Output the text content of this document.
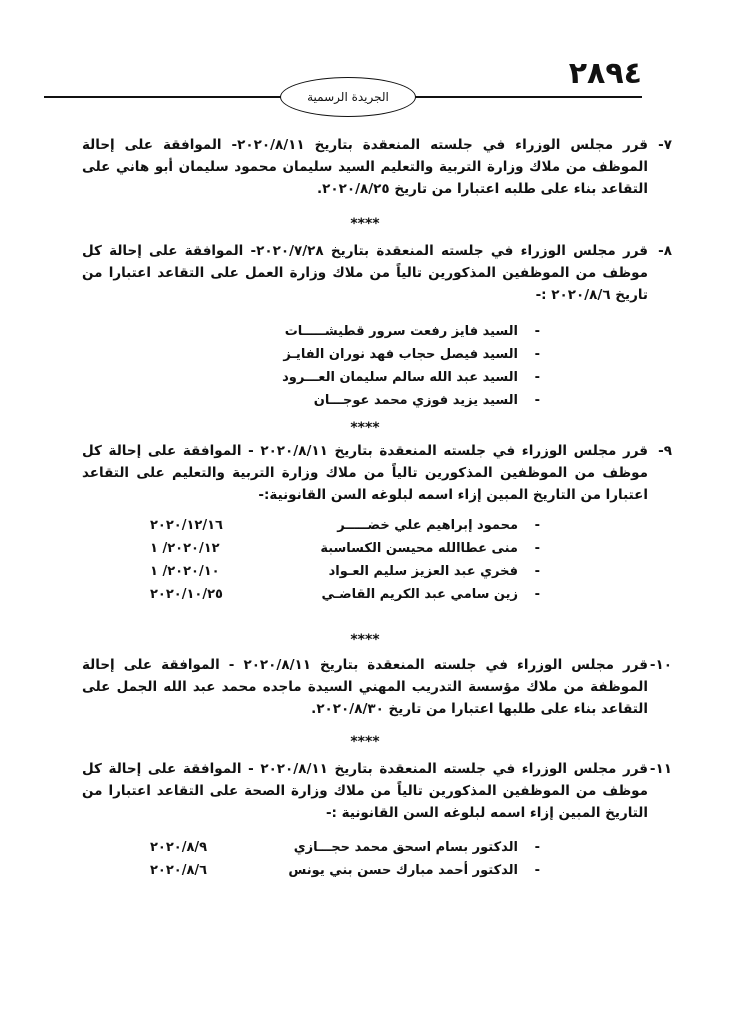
٢٨٩٤
الجريدة الرسمية
٧-

قرر مجلس الوزراء في جلسته المنعقدة بتاريخ ٢٠٢٠/٨/١١- الموافقة على إحالة الموظف من ملاك وزارة التربية والتعليم السيد سليمان محمود سليمان أبو هاني على التقاعد بناء على طلبه اعتبارا من تاريخ ٢٠٢٠/٨/٢٥.

****
٨-

قرر مجلس الوزراء في جلسته المنعقدة بتاريخ ٢٠٢٠/٧/٢٨- الموافقة على إحالة كل موظف من الموظفين المذكورين تالياً من ملاك وزارة العمل على التقاعد اعتبارا من تاريخ ٢٠٢٠/٨/٦ :-

-
السيد فايز رفعت سرور قطيشـــــات
-
السيد فيصل حجاب فهد نوران الفايـز
-
السيد عبد الله سالم سليمان العـــرود
-
السيد يزيد فوزي محمد عوجـــان
****
٩-

قرر مجلس الوزراء في جلسته المنعقدة بتاريخ ٢٠٢٠/٨/١١ - الموافقة على إحالة كل موظف من الموظفين المذكورين تالياً من ملاك وزارة التربية والتعليم على التقاعد اعتبارا من التاريخ المبين إزاء اسمه لبلوغه السن القانونية:-

-
محمود إبراهيم علي خضـــــر
٢٠٢٠/١٢/١٦
-
منى عطاالله محيسن الكساسبة
٢٠٢٠/١٢/ ١
-
فخري عبد العزيز سليم العـواد
٢٠٢٠/١٠/ ١
-
زين سامي عبد الكريم القاضـي
٢٠٢٠/١٠/٢٥
****
١٠-

قرر مجلس الوزراء في جلسته المنعقدة بتاريخ ٢٠٢٠/٨/١١ - الموافقة على إحالة الموظفة من ملاك مؤسسة التدريب المهني السيدة ماجده محمد عبد الله الجمل على التقاعد بناء على طلبها اعتبارا من تاريخ ٢٠٢٠/٨/٣٠.

****
١١-

قرر مجلس الوزراء في جلسته المنعقدة بتاريخ ٢٠٢٠/٨/١١ - الموافقة على إحالة كل موظف من الموظفين المذكورين تالياً من ملاك وزارة الصحة على التقاعد اعتبارا من التاريخ المبين إزاء اسمه لبلوغه السن القانونية :-

-
الدكتور بسام اسحق محمد حجـــازي
٢٠٢٠/٨/٩
-
الدكتور أحمد مبارك حسن بني يونس
٢٠٢٠/٨/٦
